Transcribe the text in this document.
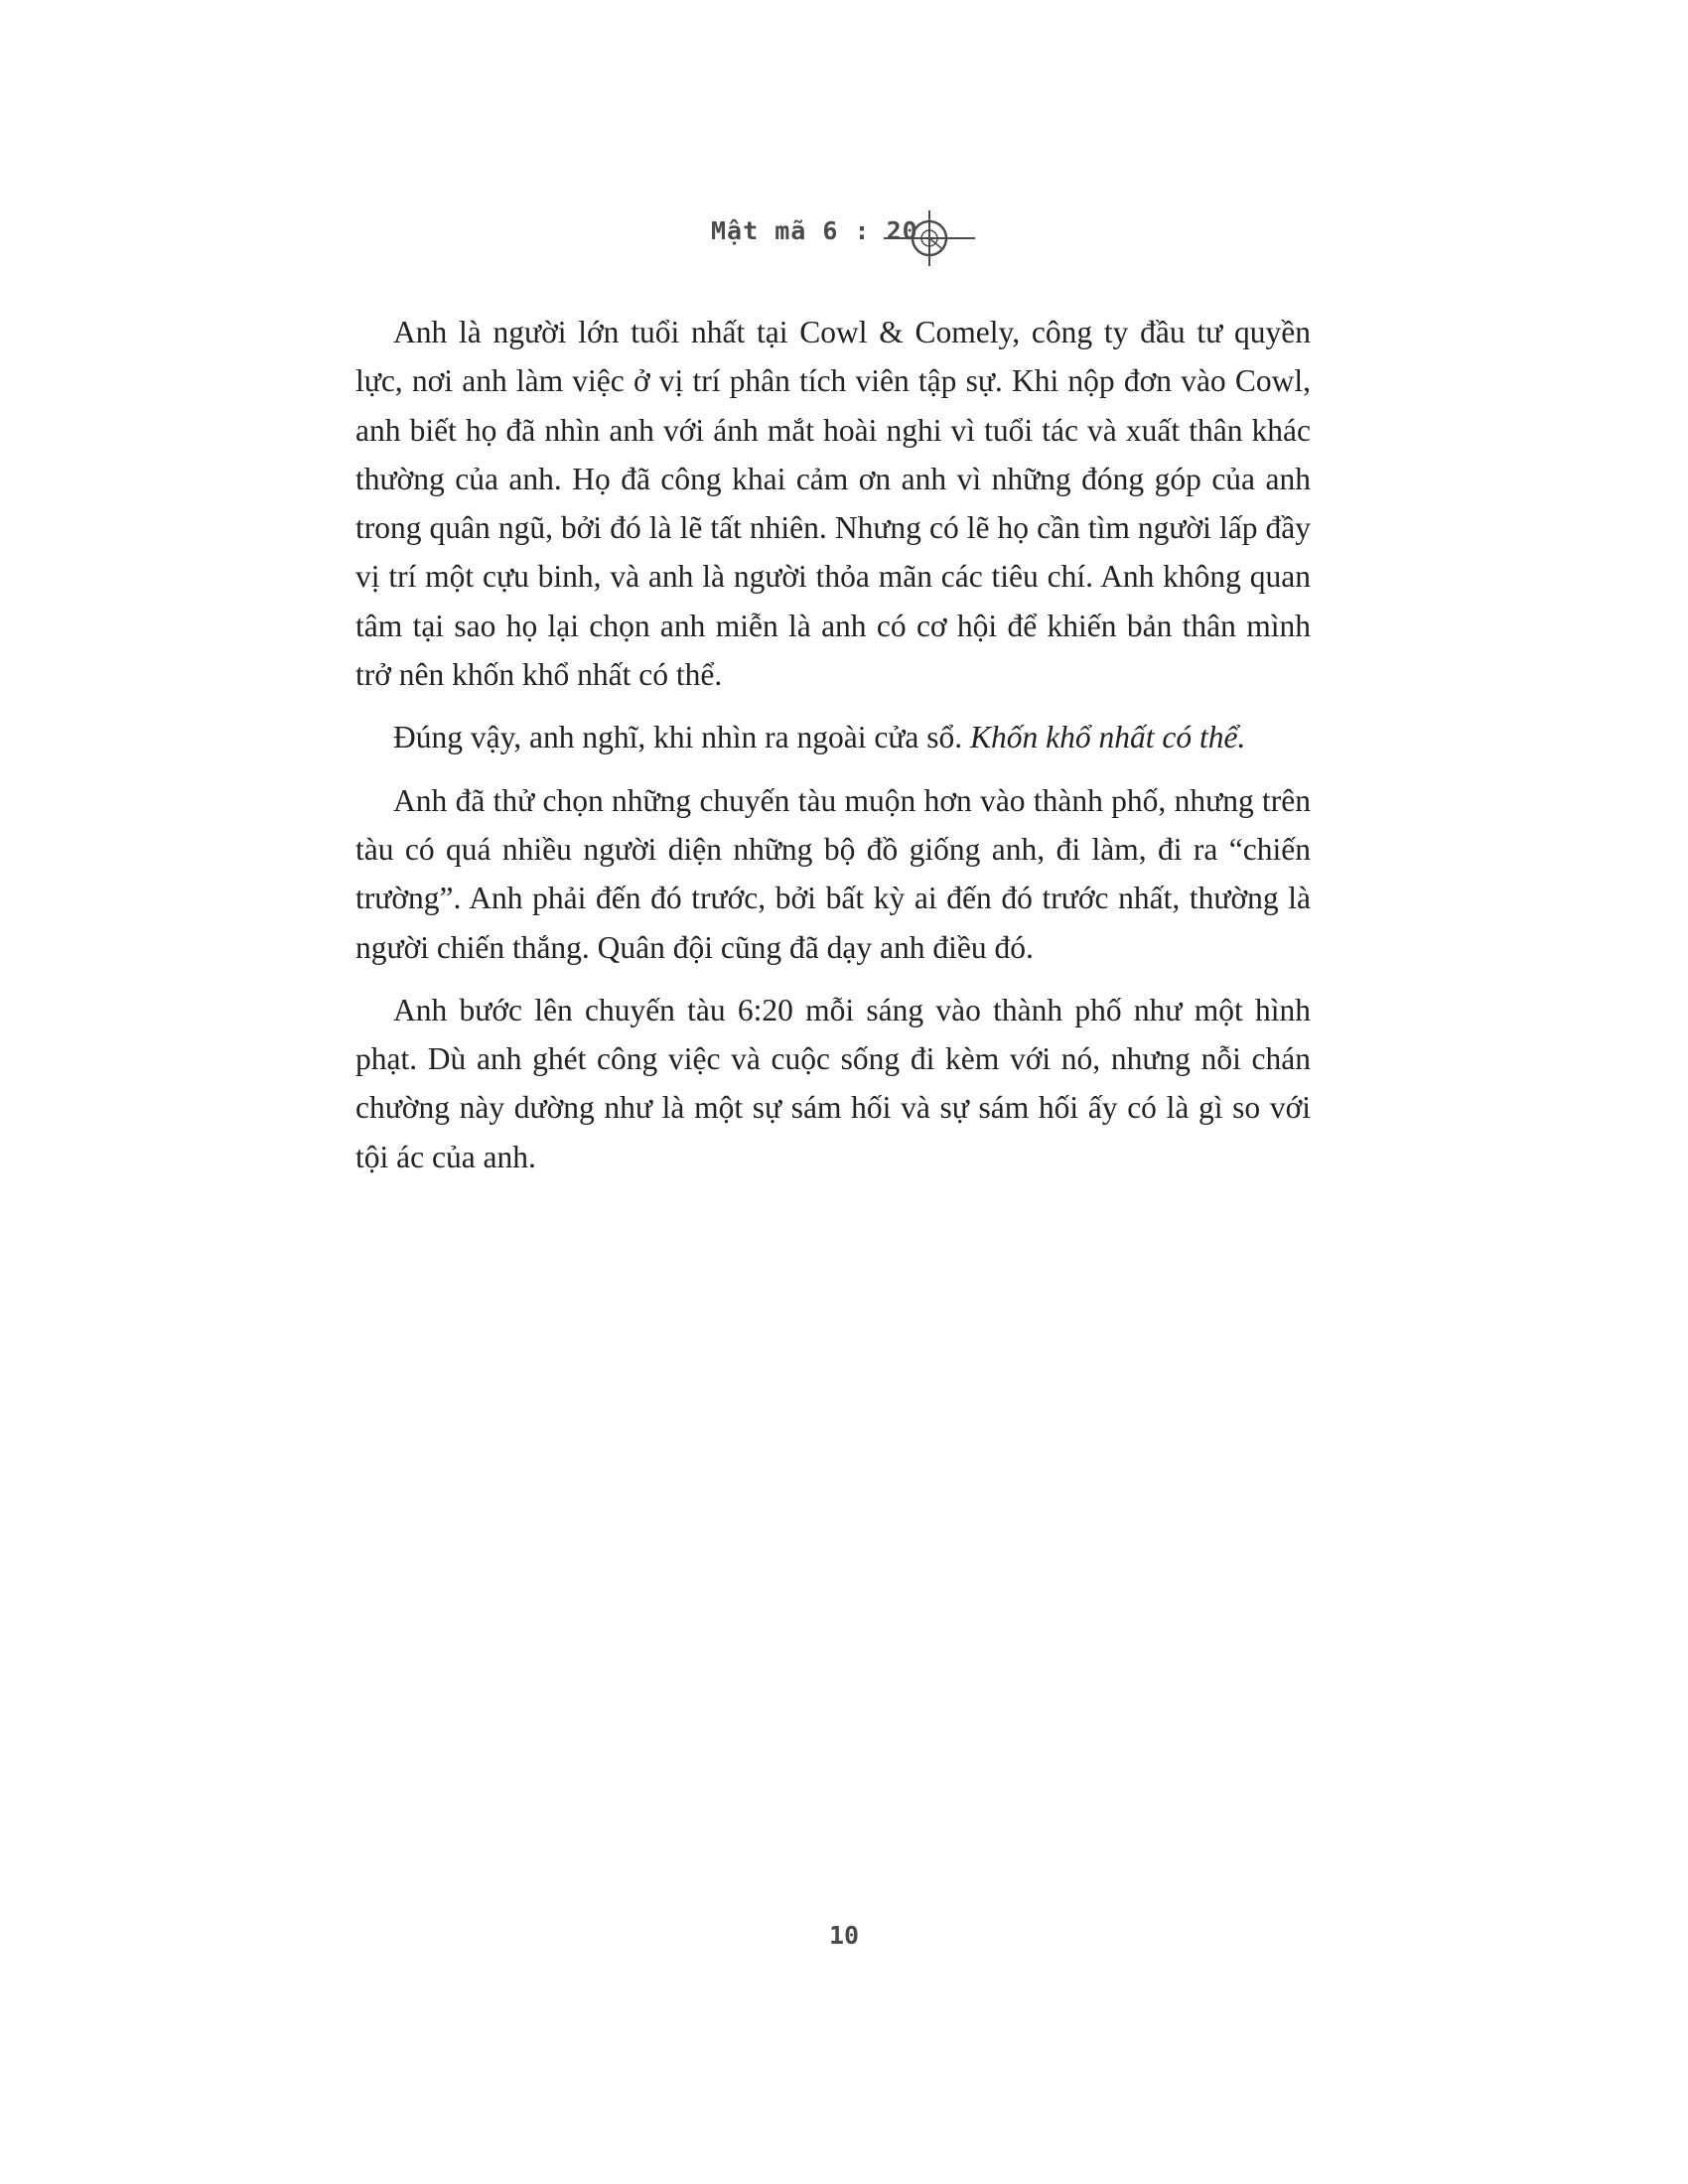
Mật mã 6 : 20

Anh là người lớn tuổi nhất tại Cowl & Comely, công ty đầu tư quyền lực, nơi anh làm việc ở vị trí phân tích viên tập sự. Khi nộp đơn vào Cowl, anh biết họ đã nhìn anh với ánh mắt hoài nghi vì tuổi tác và xuất thân khác thường của anh. Họ đã công khai cảm ơn anh vì những đóng góp của anh trong quân ngũ, bởi đó là lẽ tất nhiên. Nhưng có lẽ họ cần tìm người lấp đầy vị trí một cựu binh, và anh là người thỏa mãn các tiêu chí. Anh không quan tâm tại sao họ lại chọn anh miễn là anh có cơ hội để khiến bản thân mình trở nên khốn khổ nhất có thể.

Đúng vậy, anh nghĩ, khi nhìn ra ngoài cửa sổ. Khốn khổ nhất có thể.

Anh đã thử chọn những chuyến tàu muộn hơn vào thành phố, nhưng trên tàu có quá nhiều người diện những bộ đồ giống anh, đi làm, đi ra “chiến trường”. Anh phải đến đó trước, bởi bất kỳ ai đến đó trước nhất, thường là người chiến thắng. Quân đội cũng đã dạy anh điều đó.

Anh bước lên chuyến tàu 6:20 mỗi sáng vào thành phố như một hình phạt. Dù anh ghét công việc và cuộc sống đi kèm với nó, nhưng nỗi chán chường này dường như là một sự sám hối và sự sám hối ấy có là gì so với tội ác của anh.

10
